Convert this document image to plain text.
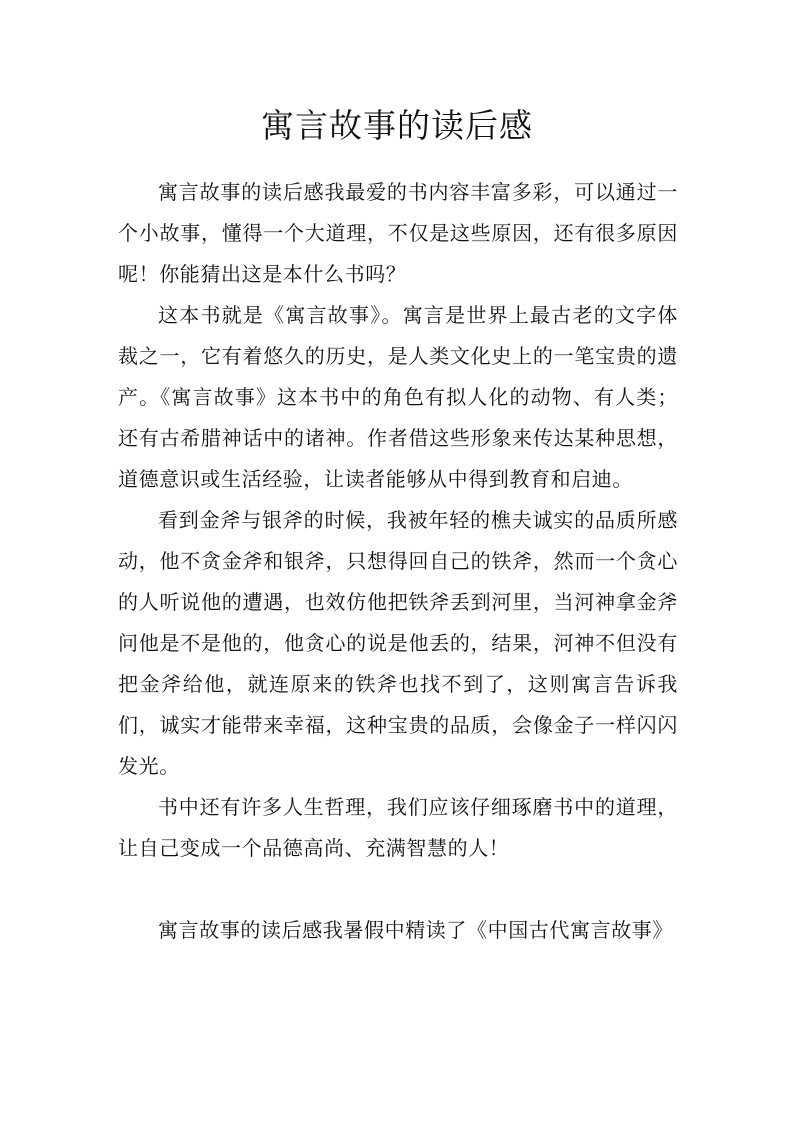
寓言故事的读后感

寓言故事的读后感我最爱的书内容丰富多彩，可以通过一个小故事，懂得一个大道理，不仅是这些原因，还有很多原因呢！你能猜出这是本什么书吗？

这本书就是《寓言故事》。寓言是世界上最古老的文字体裁之一，它有着悠久的历史，是人类文化史上的一笔宝贵的遗产。《寓言故事》这本书中的角色有拟人化的动物、有人类；还有古希腊神话中的诸神。作者借这些形象来传达某种思想，道德意识或生活经验，让读者能够从中得到教育和启迪。

看到金斧与银斧的时候，我被年轻的樵夫诚实的品质所感动，他不贪金斧和银斧，只想得回自己的铁斧，然而一个贪心的人听说他的遭遇，也效仿他把铁斧丢到河里，当河神拿金斧问他是不是他的，他贪心的说是他丢的，结果，河神不但没有把金斧给他，就连原来的铁斧也找不到了，这则寓言告诉我们，诚实才能带来幸福，这种宝贵的品质，会像金子一样闪闪发光。

书中还有许多人生哲理，我们应该仔细琢磨书中的道理，让自己变成一个品德高尚、充满智慧的人！

寓言故事的读后感我暑假中精读了《中国古代寓言故事》
